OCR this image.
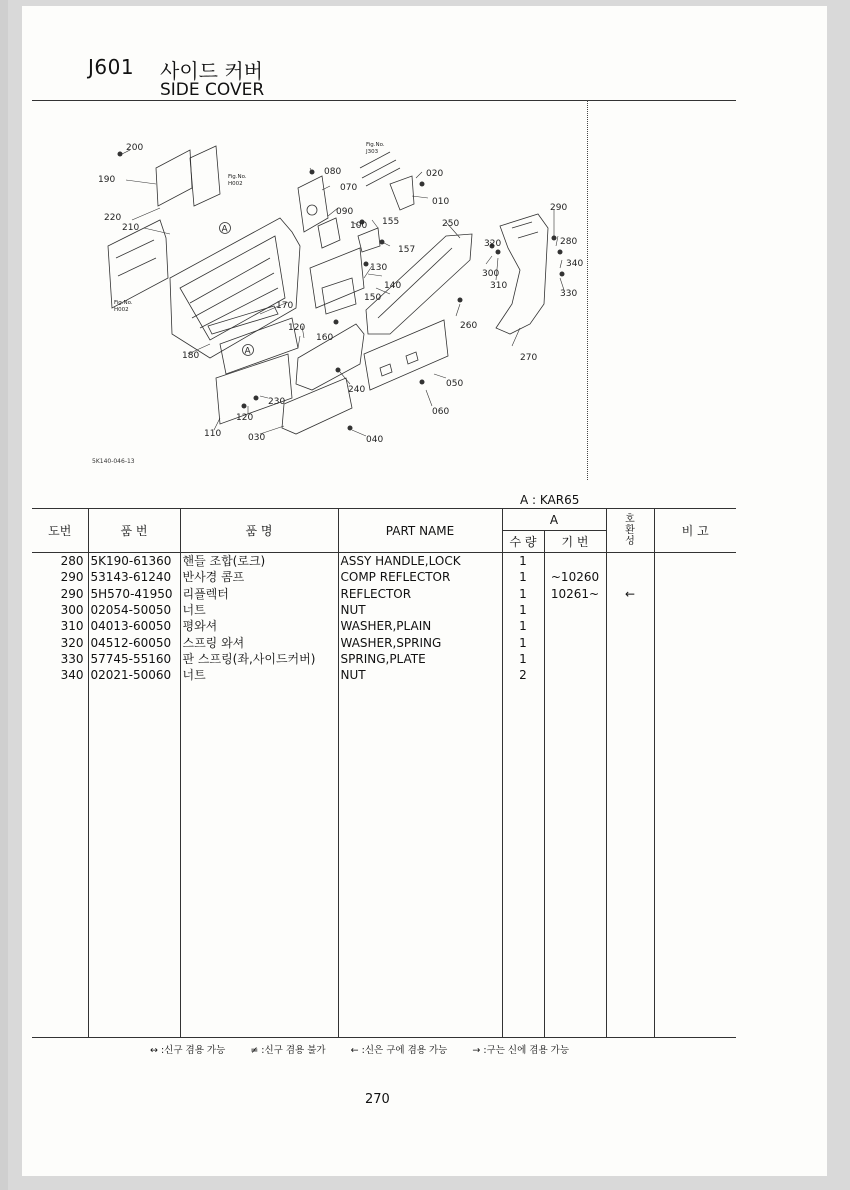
J601 사이드 커버
SIDE COVER
200
190
220
210
080
070
090
100 155
157
020
010
250
290
280
320
340
300
310
330
130
140
150
170
120
160
180
260
270
240
050
060
230
120
110	030	040
Fig.No.
J303
Fig.No.
H002
Fig.No.
H002
A
A
5K140-046-13
A : KAR65
도번	품 번	품 명	PART NAME	A		호
환
성	비 고
				수 량	기 번		
280	5K190-61360	핸들 조합(로크)	ASSY HANDLE,LOCK	1			
290	53143-61240	반사경 콤프	COMP REFLECTOR	1	~10260		
290	5H570-41950	리플렉터	REFLECTOR	1	10261~	←	
300	02054-50050	너트	NUT	1			
310	04013-60050	평와셔	WASHER,PLAIN	1			
320	04512-60050	스프링 와셔	WASHER,SPRING	1			
330	57745-55160	판 스프링(좌,사이드커버)	SPRING,PLATE	1			
340	02021-50060	너트	NUT	2			

↔ :신구 겸용 가능	≠ :신구 겸용 불가	← :신은 구에 겸용 가능	→ :구는 신에 겸용 가능
270
